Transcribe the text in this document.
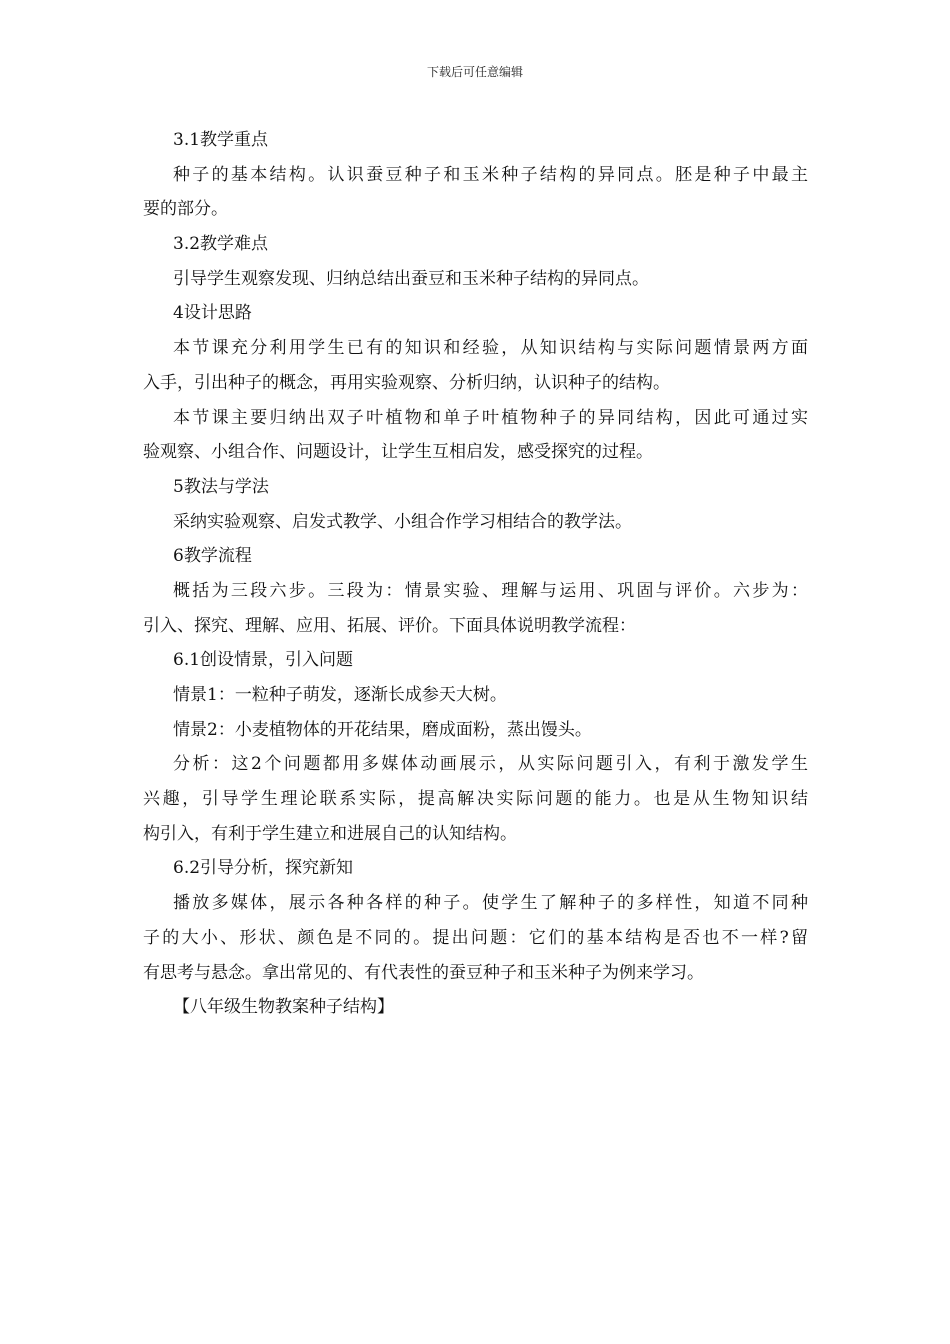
下载后可任意编辑
3.1教学重点
种子的基本结构。认识蚕豆种子和玉米种子结构的异同点。胚是种子中最主
要的部分。
3.2教学难点
引导学生观察发现、归纳总结出蚕豆和玉米种子结构的异同点。
4设计思路
本节课充分利用学生已有的知识和经验，从知识结构与实际问题情景两方面
入手，引出种子的概念，再用实验观察、分析归纳，认识种子的结构。
本节课主要归纳出双子叶植物和单子叶植物种子的异同结构，因此可通过实
验观察、小组合作、问题设计，让学生互相启发，感受探究的过程。
5教法与学法
采纳实验观察、启发式教学、小组合作学习相结合的教学法。
6教学流程
概括为三段六步。三段为：情景实验、理解与运用、巩固与评价。六步为：
引入、探究、理解、应用、拓展、评价。下面具体说明教学流程：
6.1创设情景，引入问题
情景1：一粒种子萌发，逐渐长成参天大树。
情景2：小麦植物体的开花结果，磨成面粉，蒸出馒头。
分析：这2个问题都用多媒体动画展示，从实际问题引入，有利于激发学生
兴趣，引导学生理论联系实际，提高解决实际问题的能力。也是从生物知识结
构引入，有利于学生建立和进展自己的认知结构。
6.2引导分析，探究新知
播放多媒体，展示各种各样的种子。使学生了解种子的多样性，知道不同种
子的大小、形状、颜色是不同的。提出问题：它们的基本结构是否也不一样?留
有思考与悬念。拿出常见的、有代表性的蚕豆种子和玉米种子为例来学习。
【八年级生物教案种子结构】
